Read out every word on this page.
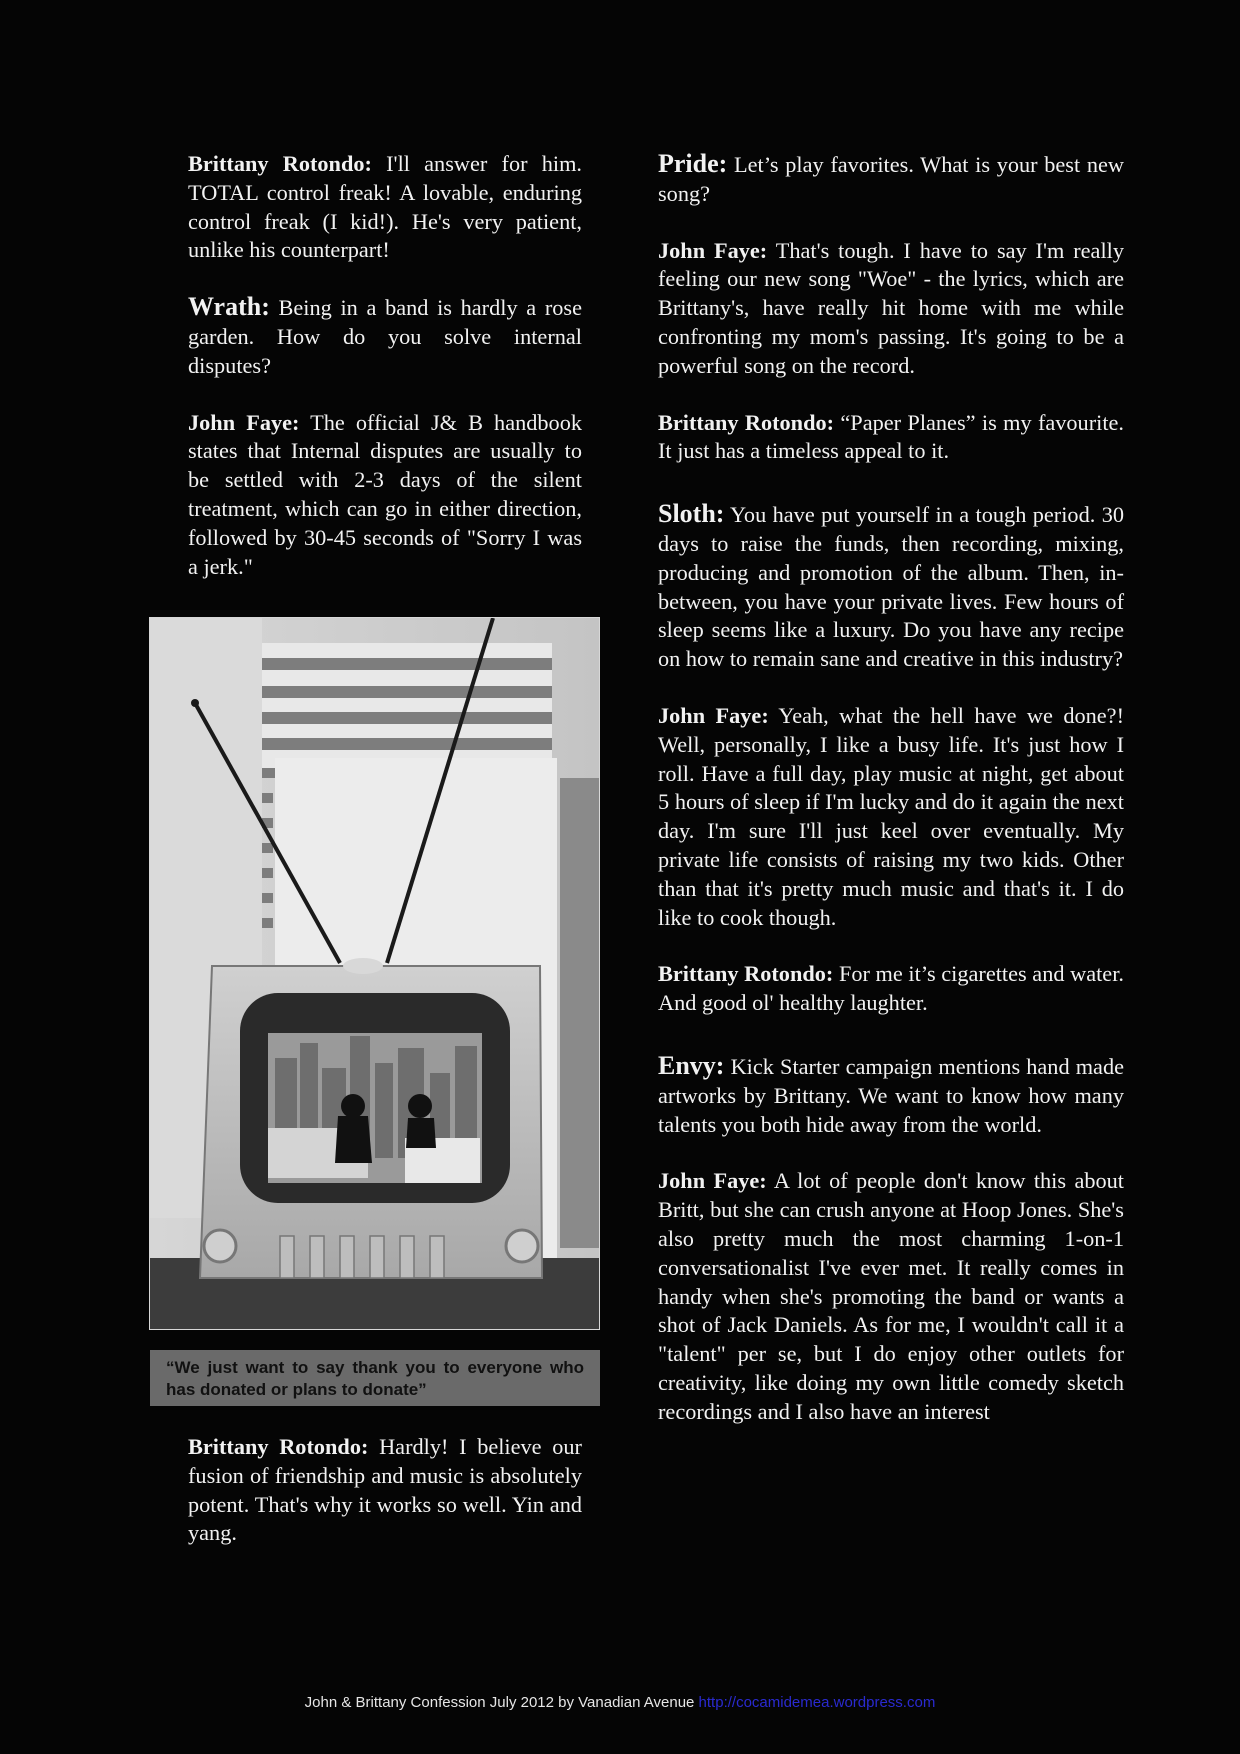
Brittany Rotondo: I'll answer for him. TOTAL control freak! A lovable, enduring control freak (I kid!). He's very patient, unlike his counterpart!

Wrath: Being in a band is hardly a rose garden. How do you solve internal disputes?

John Faye: The official J& B handbook states that Internal disputes are usually to be settled with 2-3 days of the silent treatment, which can go in either direction, followed by 30-45 seconds of "Sorry I was a jerk."

“We just want to say thank you to everyone who has donated or plans to donate”

Brittany Rotondo: Hardly! I believe our fusion of friendship and music is absolutely potent. That's why it works so well. Yin and yang.

Pride: Let’s play favorites. What is your best new song?

John Faye: That's tough. I have to say I'm really feeling our new song "Woe" - the lyrics, which are Brittany's, have really hit home with me while confronting my mom's passing. It's going to be a powerful song on the record.

Brittany Rotondo: “Paper Planes” is my favourite. It just has a timeless appeal to it.

Sloth: You have put yourself in a tough period. 30 days to raise the funds, then recording, mixing, producing and promotion of the album. Then, in-between, you have your private lives. Few hours of sleep seems like a luxury. Do you have any recipe on how to remain sane and creative in this industry?

John Faye: Yeah, what the hell have we done?! Well, personally, I like a busy life. It's just how I roll. Have a full day, play music at night, get about 5 hours of sleep if I'm lucky and do it again the next day. I'm sure I'll just keel over eventually. My private life consists of raising my two kids. Other than that it's pretty much music and that's it. I do like to cook though.

Brittany Rotondo: For me it’s cigarettes and water. And good ol' healthy laughter.

Envy: Kick Starter campaign mentions hand made artworks by Brittany. We want to know how many talents you both hide away from the world.

John Faye: A lot of people don't know this about Britt, but she can crush anyone at Hoop Jones. She's also pretty much the most charming 1-on-1 conversationalist I've ever met. It really comes in handy when she's promoting the band or wants a shot of Jack Daniels. As for me, I wouldn't call it a "talent" per se, but I do enjoy other outlets for creativity, like doing my own little comedy sketch recordings and I also have an interest

John & Brittany Confession July 2012 by Vanadian Avenue http://cocamidemea.wordpress.com
